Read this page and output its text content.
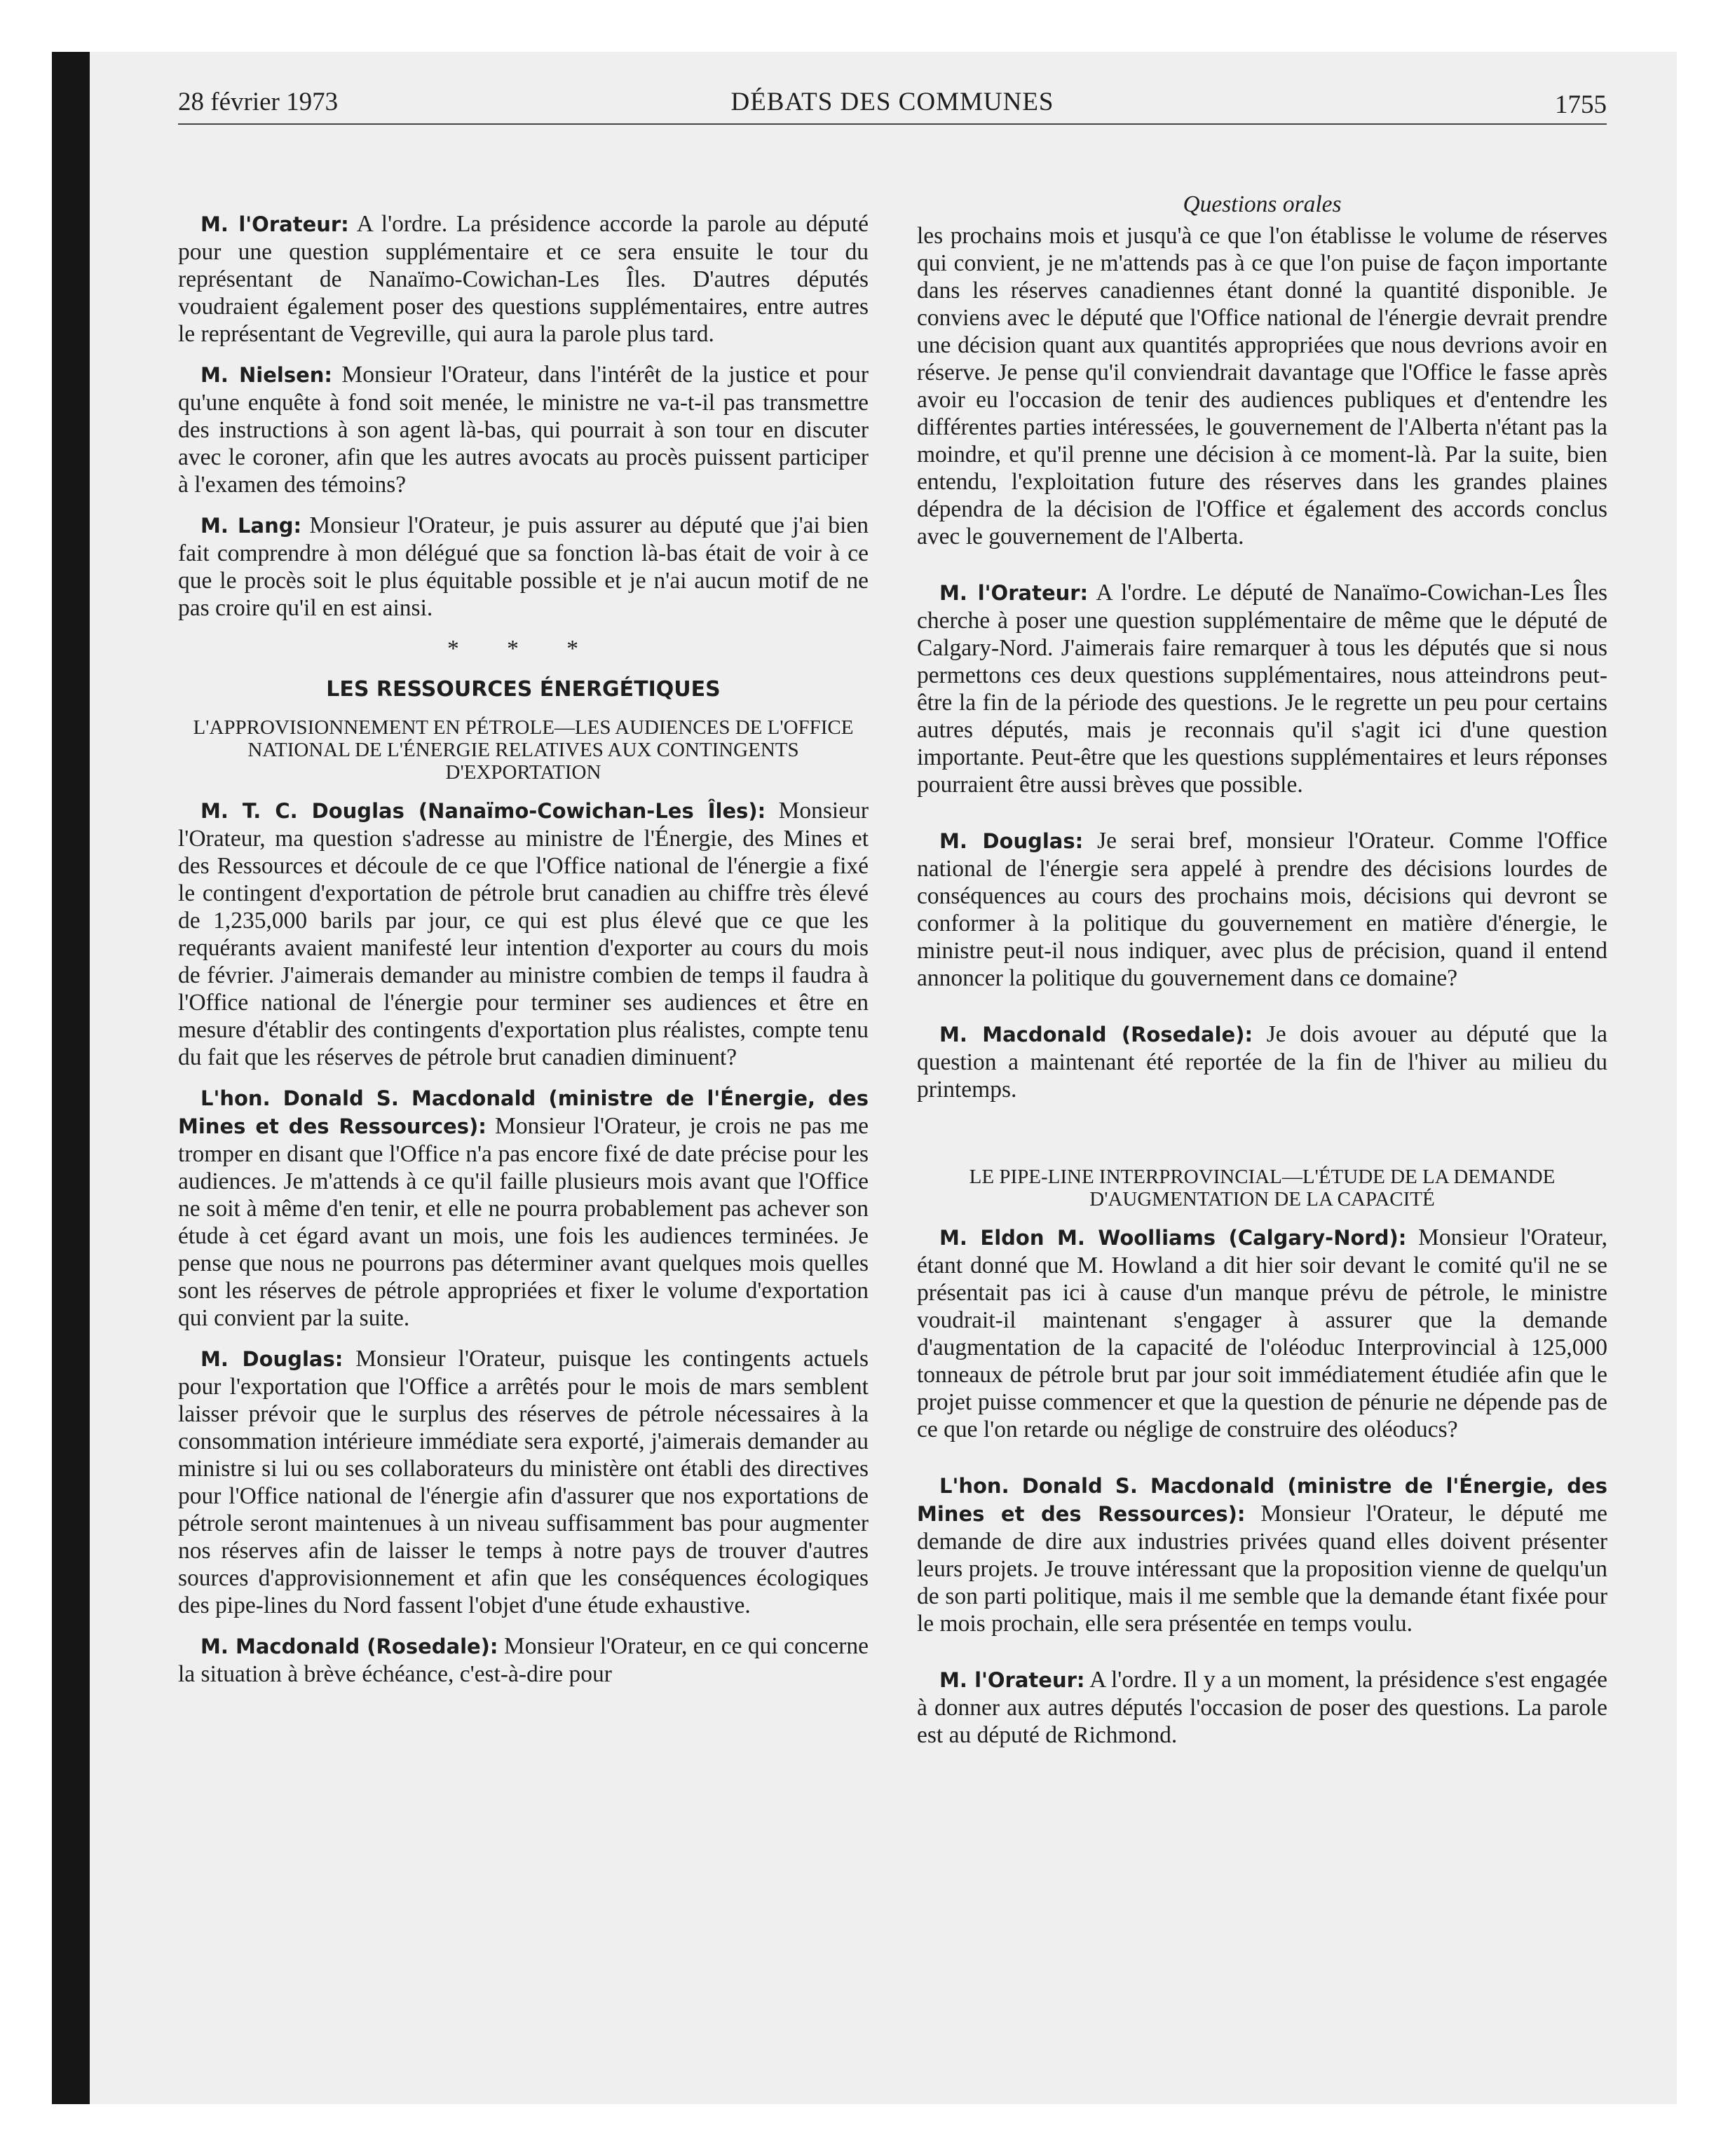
28 février 1973	DÉBATS DES COMMUNES	1755

M. l'Orateur: A l'ordre. La présidence accorde la parole au député pour une question supplémentaire et ce sera ensuite le tour du représentant de Nanaïmo-Cowichan-Les Îles. D'autres députés voudraient également poser des questions supplémentaires, entre autres le représentant de Vegreville, qui aura la parole plus tard.

M. Nielsen: Monsieur l'Orateur, dans l'intérêt de la justice et pour qu'une enquête à fond soit menée, le ministre ne va-t-il pas transmettre des instructions à son agent là-bas, qui pourrait à son tour en discuter avec le coroner, afin que les autres avocats au procès puissent participer à l'examen des témoins?

M. Lang: Monsieur l'Orateur, je puis assurer au député que j'ai bien fait comprendre à mon délégué que sa fonction là-bas était de voir à ce que le procès soit le plus équitable possible et je n'ai aucun motif de ne pas croire qu'il en est ainsi.

* * *

LES RESSOURCES ÉNERGÉTIQUES

L'APPROVISIONNEMENT EN PÉTROLE—LES AUDIENCES DE L'OFFICE NATIONAL DE L'ÉNERGIE RELATIVES AUX CONTINGENTS D'EXPORTATION

M. T. C. Douglas (Nanaïmo-Cowichan-Les Îles): Monsieur l'Orateur, ma question s'adresse au ministre de l'Énergie, des Mines et des Ressources et découle de ce que l'Office national de l'énergie a fixé le contingent d'exportation de pétrole brut canadien au chiffre très élevé de 1,235,000 barils par jour, ce qui est plus élevé que ce que les requérants avaient manifesté leur intention d'exporter au cours du mois de février. J'aimerais demander au ministre combien de temps il faudra à l'Office national de l'énergie pour terminer ses audiences et être en mesure d'établir des contingents d'exportation plus réalistes, compte tenu du fait que les réserves de pétrole brut canadien diminuent?

L'hon. Donald S. Macdonald (ministre de l'Énergie, des Mines et des Ressources): Monsieur l'Orateur, je crois ne pas me tromper en disant que l'Office n'a pas encore fixé de date précise pour les audiences. Je m'attends à ce qu'il faille plusieurs mois avant que l'Office ne soit à même d'en tenir, et elle ne pourra probablement pas achever son étude à cet égard avant un mois, une fois les audiences terminées. Je pense que nous ne pourrons pas déterminer avant quelques mois quelles sont les réserves de pétrole appropriées et fixer le volume d'exportation qui convient par la suite.

M. Douglas: Monsieur l'Orateur, puisque les contingents actuels pour l'exportation que l'Office a arrêtés pour le mois de mars semblent laisser prévoir que le surplus des réserves de pétrole nécessaires à la consommation intérieure immédiate sera exporté, j'aimerais demander au ministre si lui ou ses collaborateurs du ministère ont établi des directives pour l'Office national de l'énergie afin d'assurer que nos exportations de pétrole seront maintenues à un niveau suffisamment bas pour augmenter nos réserves afin de laisser le temps à notre pays de trouver d'autres sources d'approvisionnement et afin que les conséquences écologiques des pipe-lines du Nord fassent l'objet d'une étude exhaustive.

M. Macdonald (Rosedale): Monsieur l'Orateur, en ce qui concerne la situation à brève échéance, c'est-à-dire pour

Questions orales

les prochains mois et jusqu'à ce que l'on établisse le volume de réserves qui convient, je ne m'attends pas à ce que l'on puise de façon importante dans les réserves canadiennes étant donné la quantité disponible. Je conviens avec le député que l'Office national de l'énergie devrait prendre une décision quant aux quantités appropriées que nous devrions avoir en réserve. Je pense qu'il conviendrait davantage que l'Office le fasse après avoir eu l'occasion de tenir des audiences publiques et d'entendre les différentes parties intéressées, le gouvernement de l'Alberta n'étant pas la moindre, et qu'il prenne une décision à ce moment-là. Par la suite, bien entendu, l'exploitation future des réserves dans les grandes plaines dépendra de la décision de l'Office et également des accords conclus avec le gouvernement de l'Alberta.

M. l'Orateur: A l'ordre. Le député de Nanaïmo-Cowichan-Les Îles cherche à poser une question supplémentaire de même que le député de Calgary-Nord. J'aimerais faire remarquer à tous les députés que si nous permettons ces deux questions supplémentaires, nous atteindrons peut-être la fin de la période des questions. Je le regrette un peu pour certains autres députés, mais je reconnais qu'il s'agit ici d'une question importante. Peut-être que les questions supplémentaires et leurs réponses pourraient être aussi brèves que possible.

M. Douglas: Je serai bref, monsieur l'Orateur. Comme l'Office national de l'énergie sera appelé à prendre des décisions lourdes de conséquences au cours des prochains mois, décisions qui devront se conformer à la politique du gouvernement en matière d'énergie, le ministre peut-il nous indiquer, avec plus de précision, quand il entend annoncer la politique du gouvernement dans ce domaine?

M. Macdonald (Rosedale): Je dois avouer au député que la question a maintenant été reportée de la fin de l'hiver au milieu du printemps.

LE PIPE-LINE INTERPROVINCIAL—L'ÉTUDE DE LA DEMANDE D'AUGMENTATION DE LA CAPACITÉ

M. Eldon M. Woolliams (Calgary-Nord): Monsieur l'Orateur, étant donné que M. Howland a dit hier soir devant le comité qu'il ne se présentait pas ici à cause d'un manque prévu de pétrole, le ministre voudrait-il maintenant s'engager à assurer que la demande d'augmentation de la capacité de l'oléoduc Interprovincial à 125,000 tonneaux de pétrole brut par jour soit immédiatement étudiée afin que le projet puisse commencer et que la question de pénurie ne dépende pas de ce que l'on retarde ou néglige de construire des oléoducs?

L'hon. Donald S. Macdonald (ministre de l'Énergie, des Mines et des Ressources): Monsieur l'Orateur, le député me demande de dire aux industries privées quand elles doivent présenter leurs projets. Je trouve intéressant que la proposition vienne de quelqu'un de son parti politique, mais il me semble que la demande étant fixée pour le mois prochain, elle sera présentée en temps voulu.

M. l'Orateur: A l'ordre. Il y a un moment, la présidence s'est engagée à donner aux autres députés l'occasion de poser des questions. La parole est au député de Richmond.
